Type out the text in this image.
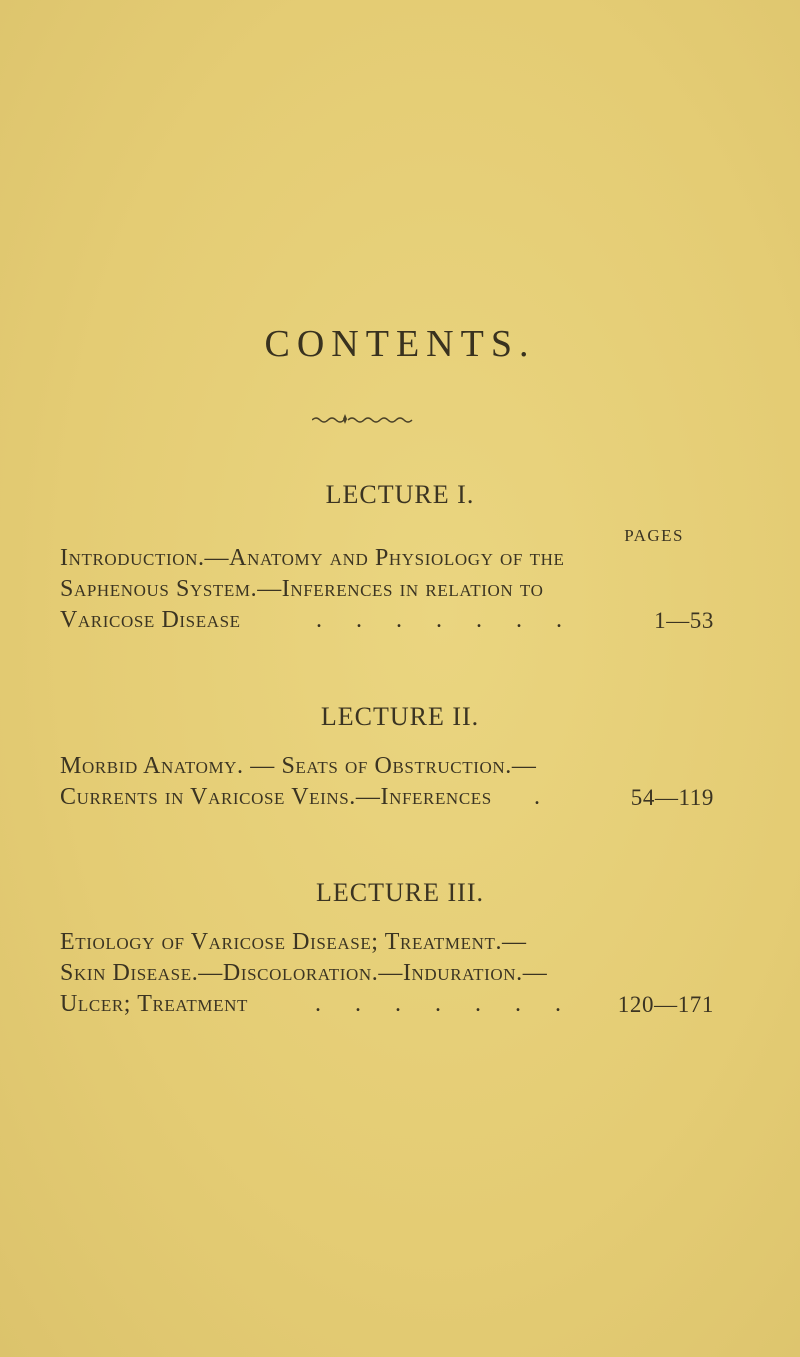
CONTENTS.
LECTURE I.
PAGES
Introduction.—Anatomy and Physiology of the
Saphenous System.—Inferences in relation to
Varicose Disease	. . . . . . .	1—53
LECTURE II.
Morbid Anatomy. — Seats of Obstruction.—
Currents in Varicose Veins.—Inferences .	54—119
LECTURE III.
Etiology of Varicose Disease; Treatment.—
Skin Disease.—Discoloration.—Induration.—
Ulcer; Treatment	. . . . . . . 120—171
